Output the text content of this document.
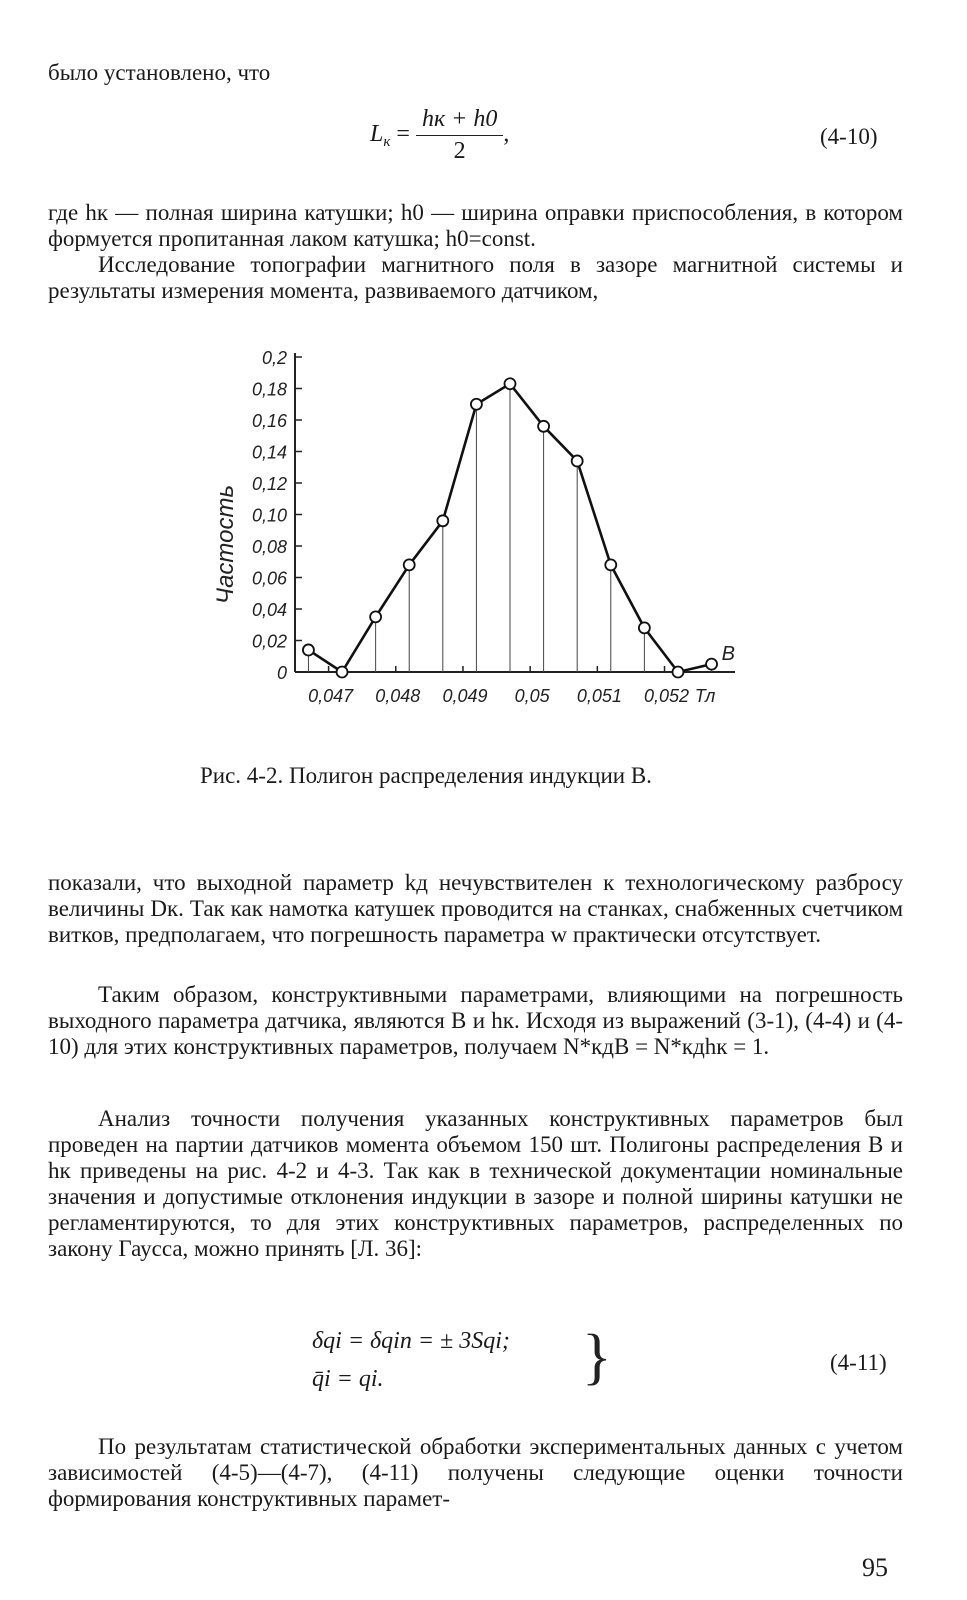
было установлено, что

$L_к = \frac{hк + h0}{2}$ ,	(4-10)

где hк — полная ширина катушки; h0 — ширина оправки приспособления, в котором формуется пропитанная лаком катушка; h0=const.

Исследование топографии магнитного поля в зазоре магнитной системы и результаты измерения момента, развиваемого датчиком,

0
0,02
0,04
0,06
0,08
0,10
0,12
0,14
0,16
0,18
0,2
0,047 0,048 0,049 0,05 0,051 0,052 Тл
Частость
B
Рис. 4-2. Полигон распределения индукции B.

показали, что выходной параметр kд нечувствителен к технологическому разбросу величины Dк. Так как намотка катушек проводится на станках, снабженных счетчиком витков, предполагаем, что погрешность параметра w практически отсутствует.

Таким образом, конструктивными параметрами, влияющими на погрешность выходного параметра датчика, являются B и hк. Исходя из выражений (3-1), (4-4) и (4-10) для этих конструктивных параметров, получаем N*кдB = N*кдhк = 1.

Анализ точности получения указанных конструктивных параметров был проведен на партии датчиков момента объемом 150 шт. Полигоны распределения B и hк приведены на рис. 4-2 и 4-3. Так как в технической документации номинальные значения и допустимые отклонения индукции в зазоре и полной ширины катушки не регламентируются, то для этих конструктивных параметров, распределенных по закону Гаусса, можно принять [Л. 36]:

δqi = δqiп = ± 3Sqi;
q̄i = qi.	}	(4-11)

По результатам статистической обработки экспериментальных данных с учетом зависимостей (4-5)—(4-7), (4-11) получены следующие оценки точности формирования конструктивных парамет-

95
